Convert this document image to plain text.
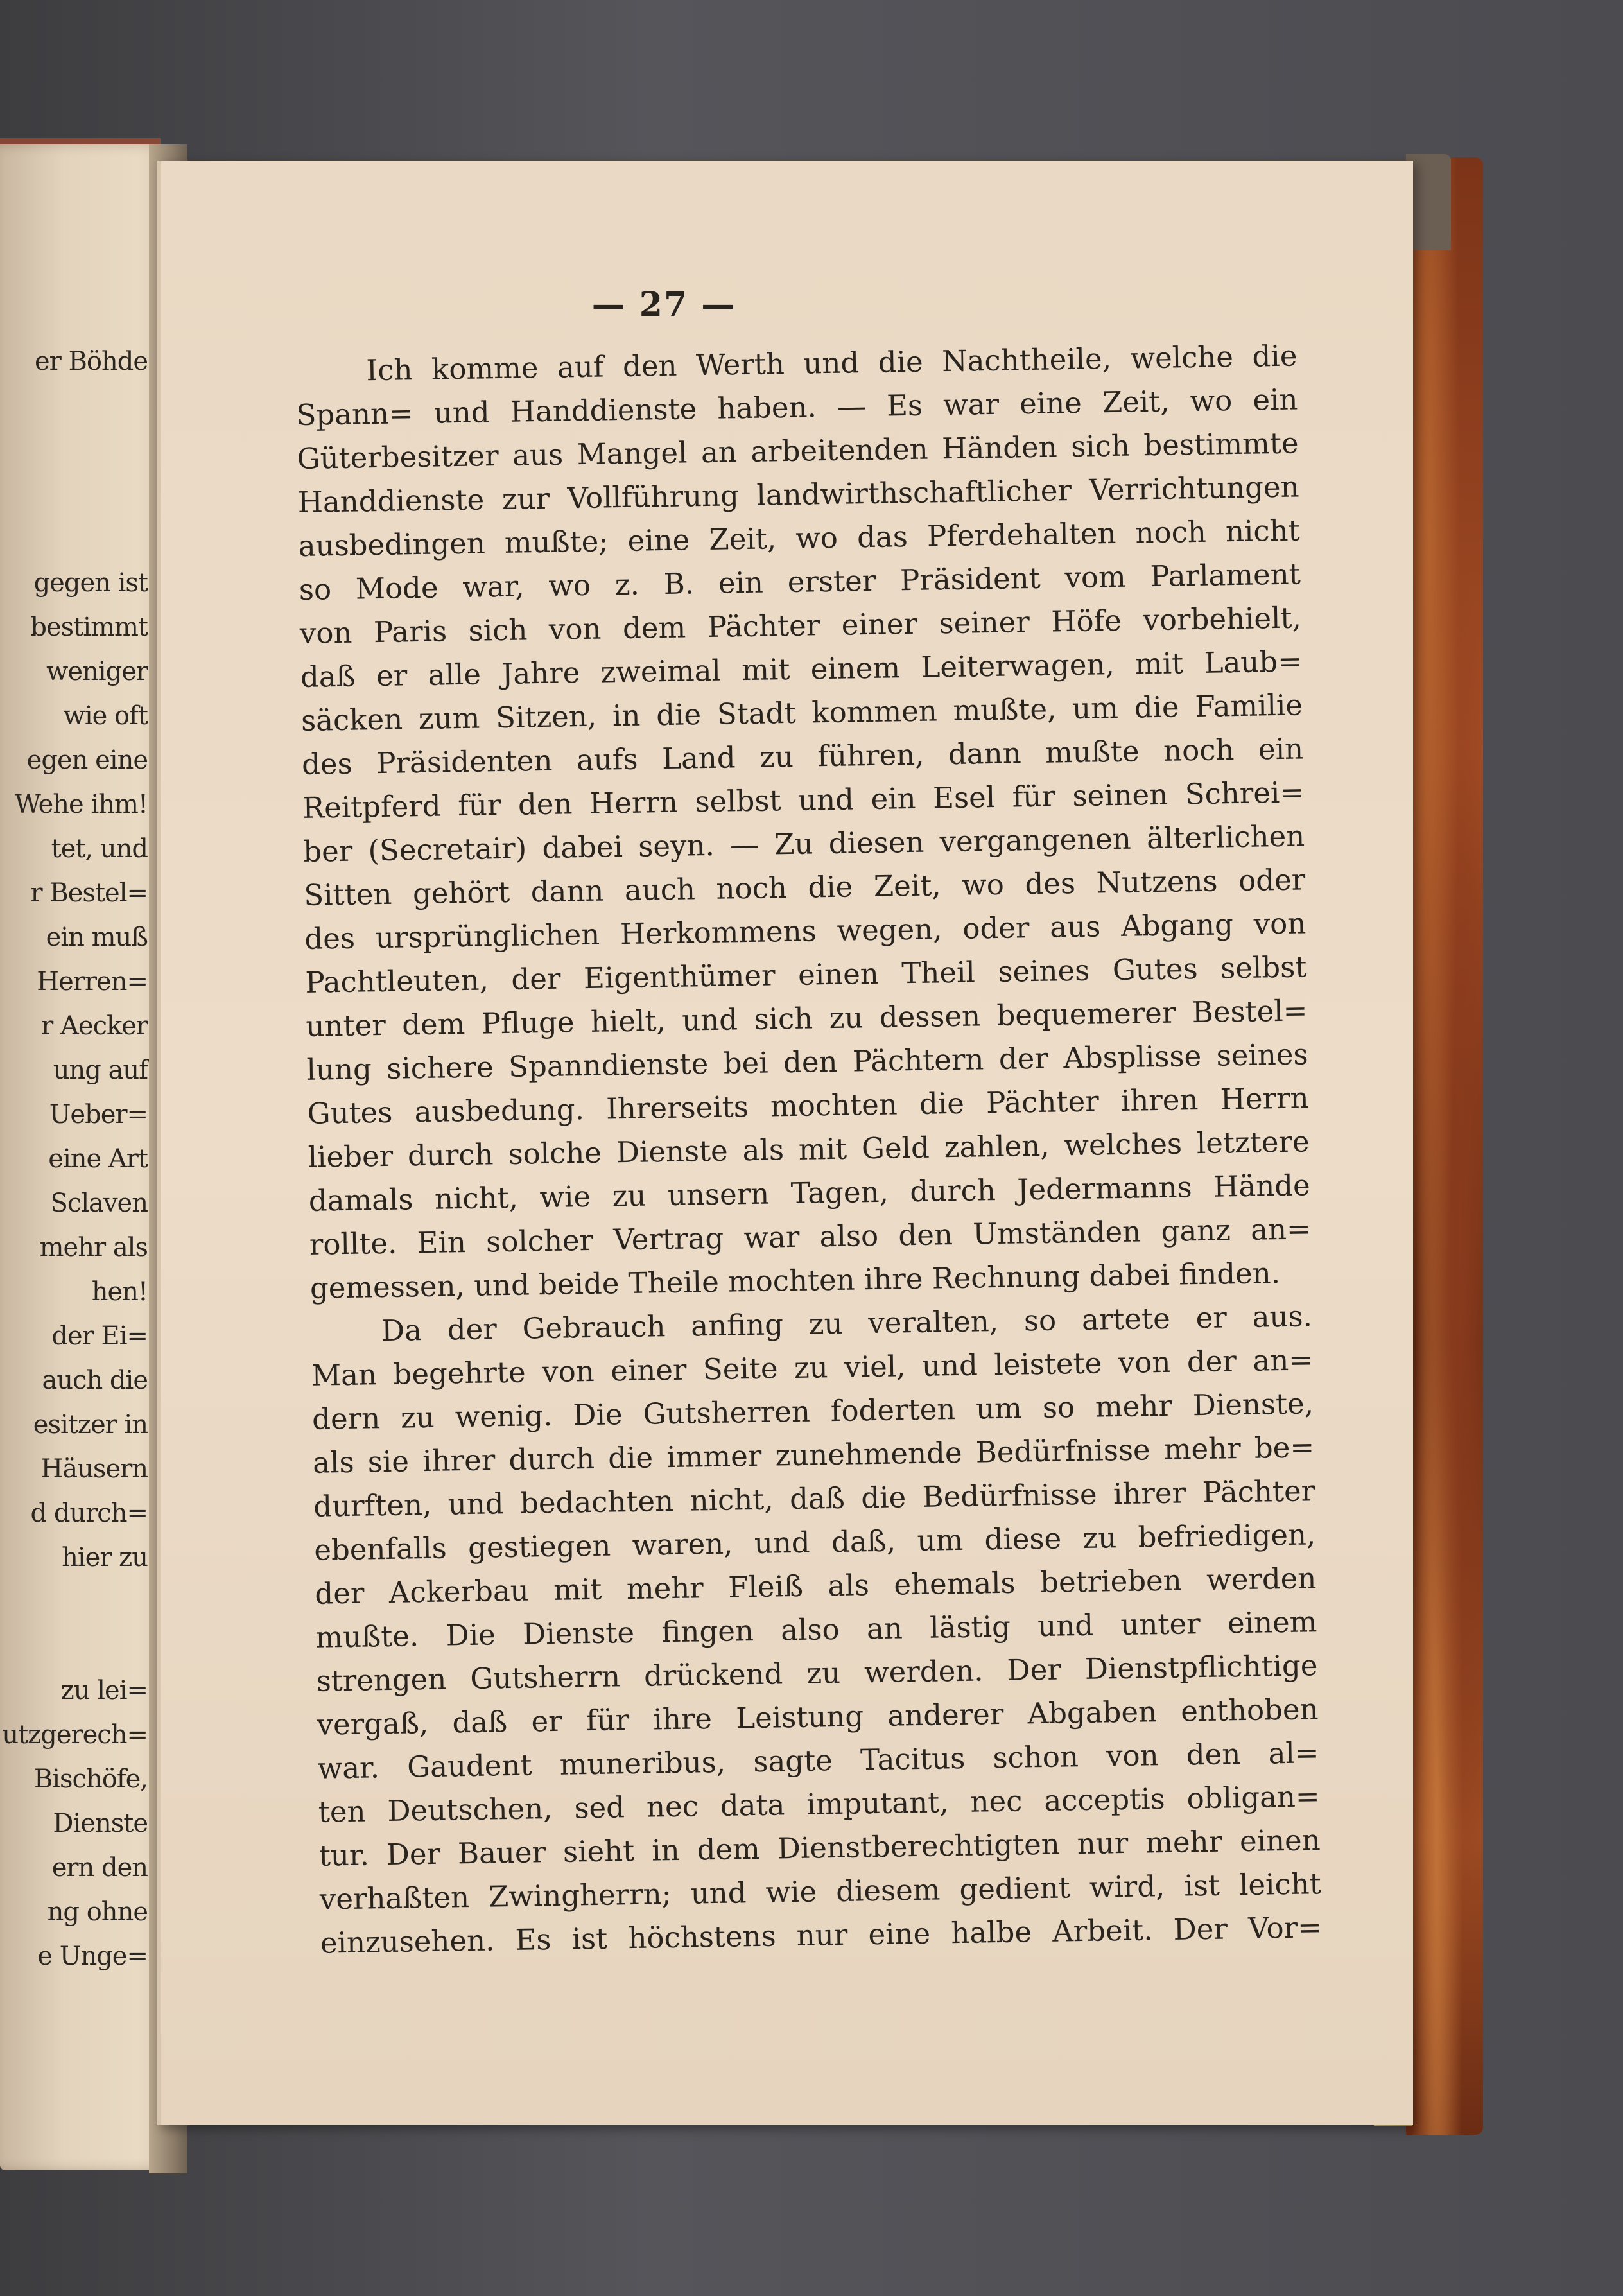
er Böhde
gegen ist
bestimmt
weniger
wie oft
egen eine
Wehe ihm!
tet, und
r Bestel=
ein muß
Herren=
r Aecker
ung auf
Ueber=
eine Art
Sclaven
mehr als
hen!
der Ei=
auch die
esitzer in
Häusern
d durch=
hier zu
zu lei=
utzgerech=
Bischöfe,
Dienste
ern den
ng ohne
e Unge=
— 27 —
Ich komme auf den Werth und die Nachtheile, welche die
Spann= und Handdienste haben. — Es war eine Zeit, wo ein
Güterbesitzer aus Mangel an arbeitenden Händen sich bestimmte
Handdienste zur Vollführung landwirthschaftlicher Verrichtungen
ausbedingen mußte; eine Zeit, wo das Pferdehalten noch nicht
so Mode war, wo z. B. ein erster Präsident vom Parlament
von Paris sich von dem Pächter einer seiner Höfe vorbehielt,
daß er alle Jahre zweimal mit einem Leiterwagen, mit Laub=
säcken zum Sitzen, in die Stadt kommen mußte, um die Familie
des Präsidenten aufs Land zu führen, dann mußte noch ein
Reitpferd für den Herrn selbst und ein Esel für seinen Schrei=
ber (Secretair) dabei seyn. — Zu diesen vergangenen älterlichen
Sitten gehört dann auch noch die Zeit, wo des Nutzens oder
des ursprünglichen Herkommens wegen, oder aus Abgang von
Pachtleuten, der Eigenthümer einen Theil seines Gutes selbst
unter dem Pfluge hielt, und sich zu dessen bequemerer Bestel=
lung sichere Spanndienste bei den Pächtern der Absplisse seines
Gutes ausbedung. Ihrerseits mochten die Pächter ihren Herrn
lieber durch solche Dienste als mit Geld zahlen, welches letztere
damals nicht, wie zu unsern Tagen, durch Jedermanns Hände
rollte. Ein solcher Vertrag war also den Umständen ganz an=
gemessen, und beide Theile mochten ihre Rechnung dabei finden.
Da der Gebrauch anfing zu veralten, so artete er aus.
Man begehrte von einer Seite zu viel, und leistete von der an=
dern zu wenig. Die Gutsherren foderten um so mehr Dienste,
als sie ihrer durch die immer zunehmende Bedürfnisse mehr be=
durften, und bedachten nicht, daß die Bedürfnisse ihrer Pächter
ebenfalls gestiegen waren, und daß, um diese zu befriedigen,
der Ackerbau mit mehr Fleiß als ehemals betrieben werden
mußte. Die Dienste fingen also an lästig und unter einem
strengen Gutsherrn drückend zu werden. Der Dienstpflichtige
vergaß, daß er für ihre Leistung anderer Abgaben enthoben
war. Gaudent muneribus, sagte Tacitus schon von den al=
ten Deutschen, sed nec data imputant, nec acceptis obligan=
tur. Der Bauer sieht in dem Dienstberechtigten nur mehr einen
verhaßten Zwingherrn; und wie diesem gedient wird, ist leicht
einzusehen. Es ist höchstens nur eine halbe Arbeit. Der Vor=
